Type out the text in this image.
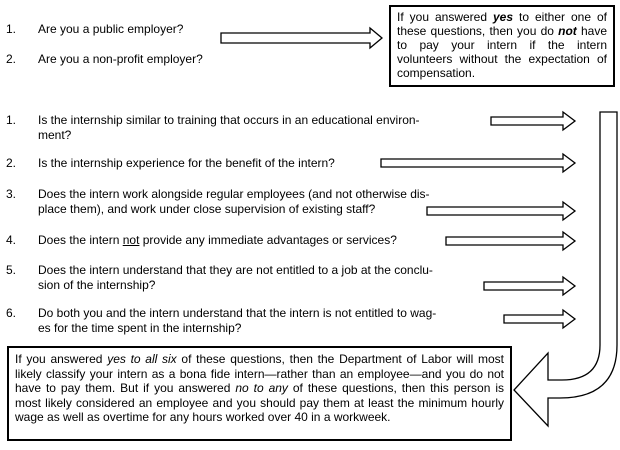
1. Are you a public employer?
2. Are you a non-profit employer?
If you answered yes to either one of these questions, then you do not have to pay your intern if the intern volunteers without the expectation of compensation.
1. Is the internship similar to training that occurs in an educational environ-
ment?
2. Is the internship experience for the benefit of the intern?
3. Does the intern work alongside regular employees (and not otherwise dis-
place them), and work under close supervision of existing staff?
4. Does the intern not provide any immediate advantages or services?
5. Does the intern understand that they are not entitled to a job at the conclu-
sion of the internship?
6. Do both you and the intern understand that the intern is not entitled to wag-
es for the time spent in the internship?
If you answered yes to all six of these questions, then the Department of Labor will most likely classify your intern as a bona fide intern—rather than an employee—and you do not have to pay them. But if you answered no to any of these questions, then this person is most likely considered an employee and you should pay them at least the minimum hourly wage as well as overtime for any hours worked over 40 in a workweek.
